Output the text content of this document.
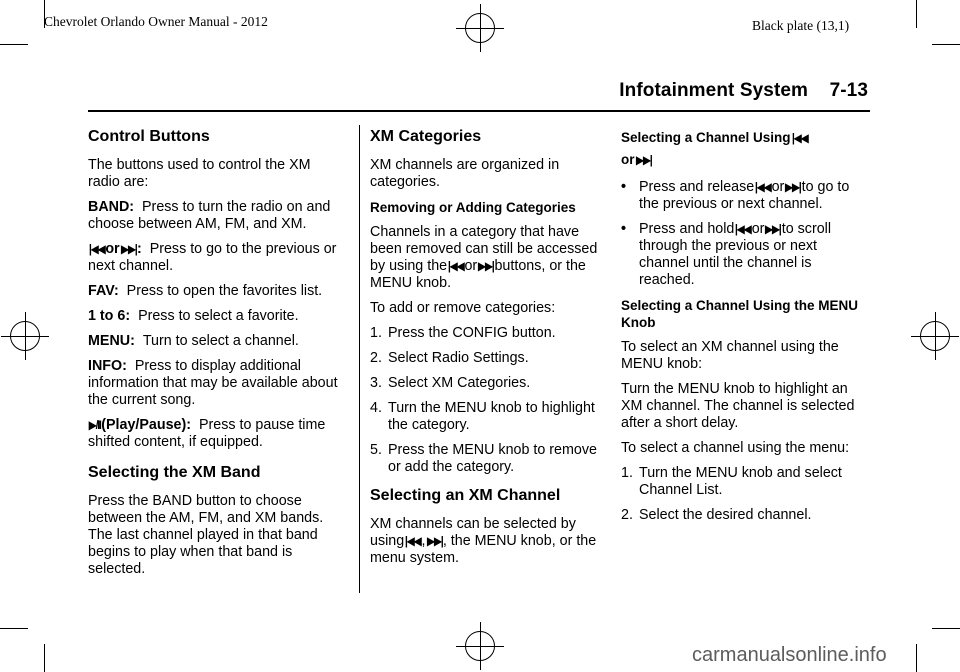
Chevrolet Orlando Owner Manual - 2012	Black plate (13,1)
Infotainment System 7-13
Control Buttons
The buttons used to control the XM radio are:
BAND: Press to turn the radio on and choose between AM, FM, and XM.
|◀◀or▶▶|: Press to go to the previous or next channel.
FAV: Press to open the favorites list.
1 to 6: Press to select a favorite.
MENU: Turn to select a channel.
INFO: Press to display additional information that may be available about the current song.
▶/II(Play/Pause): Press to pause time shifted content, if equipped.
Selecting the XM Band
Press the BAND button to choose between the AM, FM, and XM bands. The last channel played in that band begins to play when that band is selected.
XM Categories
XM channels are organized in categories.
Removing or Adding Categories
Channels in a category that have been removed can still be accessed by using the|◀◀or▶▶|buttons, or the MENU knob.
To add or remove categories:
1. Press the CONFIG button.
2. Select Radio Settings.
3. Select XM Categories.
4. Turn the MENU knob to highlight the category.
5. Press the MENU knob to remove or add the category.
Selecting an XM Channel
XM channels can be selected by using|◀◀,▶▶|, the MENU knob, or the menu system.
Selecting a Channel Using|◀◀
or▶▶|
• Press and release|◀◀or▶▶|to go to the previous or next channel.
• Press and hold|◀◀or▶▶|to scroll through the previous or next channel until the channel is reached.
Selecting a Channel Using the MENU Knob
To select an XM channel using the MENU knob:
Turn the MENU knob to highlight an XM channel. The channel is selected after a short delay.
To select a channel using the menu:
1. Turn the MENU knob and select Channel List.
2. Select the desired channel.
carmanualsonline.info
